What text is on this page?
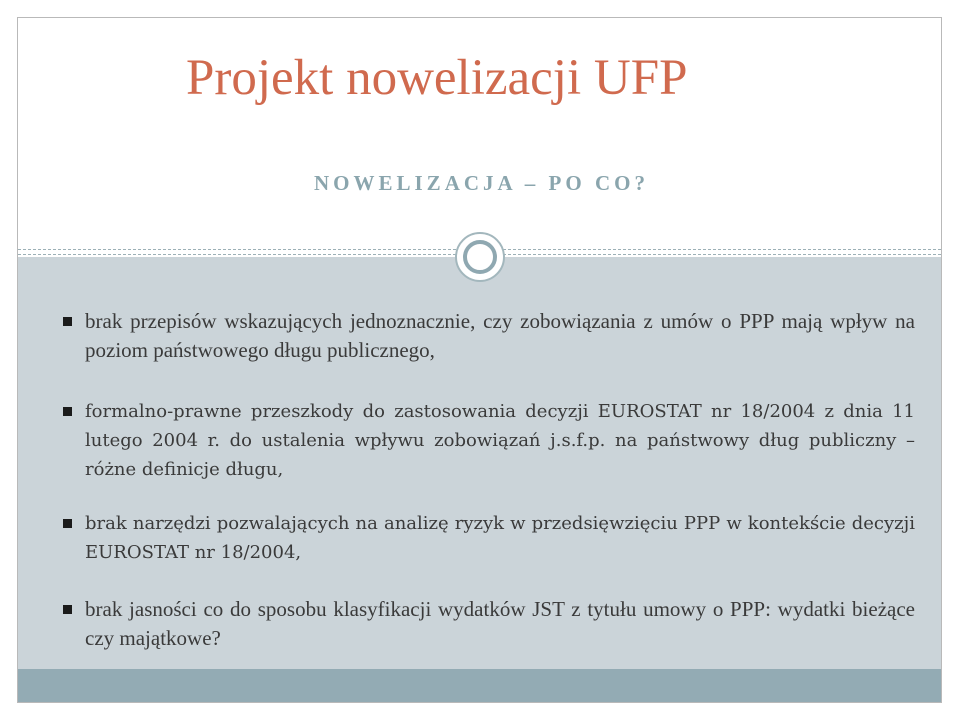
Projekt nowelizacji UFP
NOWELIZACJA – PO CO?
brak przepisów wskazujących jednoznacznie, czy zobowiązania z umów o PPP mają wpływ na poziom państwowego długu publicznego,
formalno-prawne przeszkody do zastosowania decyzji EUROSTAT nr 18/2004 z dnia 11 lutego 2004 r. do ustalenia wpływu zobowiązań j.s.f.p. na państwowy dług publiczny – różne definicje długu,
brak narzędzi pozwalających na analizę ryzyk w przedsięwzięciu PPP w kontekście decyzji EUROSTAT nr 18/2004,
brak jasności co do sposobu klasyfikacji wydatków JST z tytułu umowy o PPP: wydatki bieżące czy majątkowe?
